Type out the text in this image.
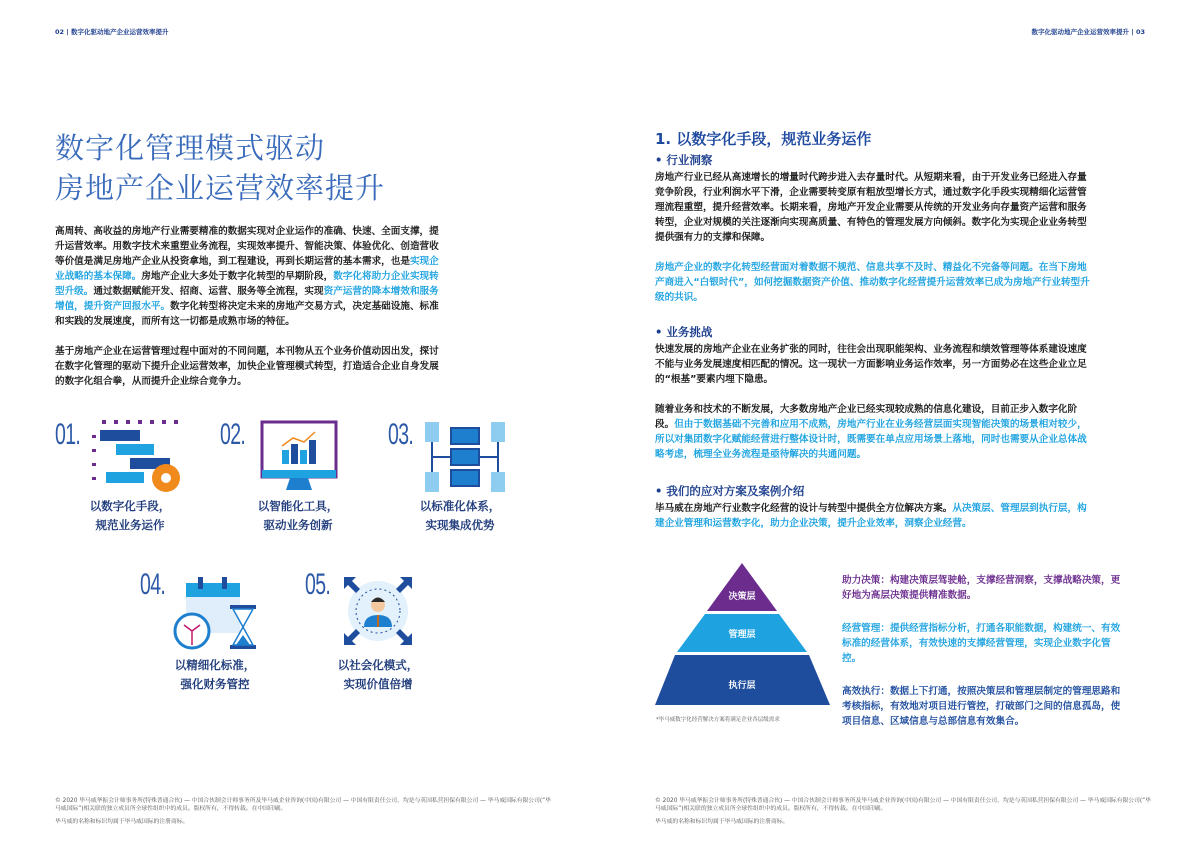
02 | 数字化驱动地产企业运营效率提升
数字化管理模式驱动
房地产企业运营效率提升
高周转、高收益的房地产行业需要精准的数据实现对企业运作的准确、快速、全面支撑，提升运营效率。用数字技术来重塑业务流程，实现效率提升、智能决策、体验优化、创造营收等价值是满足房地产企业从投资拿地，到工程建设，再到长期运营的基本需求，也是实现企业战略的基本保障。房地产企业大多处于数字化转型的早期阶段，数字化将助力企业实现转型升级。通过数据赋能开发、招商、运营、服务等全流程，实现资产运营的降本增效和服务增值，提升资产回报水平。数字化转型将决定未来的房地产交易方式，决定基础设施、标准和实践的发展速度，而所有这一切都是成熟市场的特征。
基于房地产企业在运营管理过程中面对的不同问题，本刊物从五个业务价值动因出发，探讨在数字化管理的驱动下提升企业运营效率，加快企业管理模式转型，打造适合企业自身发展的数字化组合拳，从而提升企业综合竞争力。
01.
以数字化手段，
规范业务运作
02.
以智能化工具，
驱动业务创新
03.
以标准化体系，
实现集成优势
04.
以精细化标准，
强化财务管控
05.
以社会化模式，
实现价值倍增
© 2020 毕马威华振会计师事务所(特殊普通合伙) — 中国合伙制会计师事务所及毕马威企业咨询(中国)有限公司 — 中国有限责任公司，均是与英国私营担保有限公司 — 毕马威国际有限公司(“毕马威国际”)相关联的独立成员所全球性组织中的成员。版权所有，不得转载。在中国印刷。
毕马威的名称和标识均属于毕马威国际的注册商标。
数字化驱动地产企业运营效率提升 | 03
1. 以数字化手段，规范业务运作
• 行业洞察
房地产行业已经从高速增长的增量时代跨步进入去存量时代。从短期来看，由于开发业务已经进入存量竞争阶段，行业利润水平下滑，企业需要转变原有粗放型增长方式，通过数字化手段实现精细化运营管理流程重塑，提升经营效率。长期来看，房地产开发企业需要从传统的开发业务向存量资产运营和服务转型，企业对规模的关注逐渐向实现高质量、有特色的管理发展方向倾斜。数字化为实现企业业务转型提供强有力的支撑和保障。
房地产企业的数字化转型经营面对着数据不规范、信息共享不及时、精益化不完备等问题。在当下房地产商进入“白银时代”，如何挖掘数据资产价值、推动数字化经营提升运营效率已成为房地产行业转型升级的共识。
• 业务挑战
快速发展的房地产企业在业务扩张的同时，往往会出现职能架构、业务流程和绩效管理等体系建设速度不能与业务发展速度相匹配的情况。这一现状一方面影响业务运作效率，另一方面势必在这些企业立足的“根基”要素内埋下隐患。
随着业务和技术的不断发展，大多数房地产企业已经实现较成熟的信息化建设，目前正步入数字化阶段。但由于数据基础不完善和应用不成熟，房地产行业在业务经营层面实现智能决策的场景相对较少，所以对集团数字化赋能经营进行整体设计时，既需要在单点应用场景上落地，同时也需要从企业总体战略考虑，梳理全业务流程是亟待解决的共通问题。
• 我们的应对方案及案例介绍
毕马威在房地产行业数字化经营的设计与转型中提供全方位解决方案。从决策层、管理层到执行层，构建企业管理和运营数字化，助力企业决策，提升企业效率，洞察企业经营。
决策层
管理层
执行层
*毕马威数字化经营解决方案将满足企业各层级需求
助力决策：构建决策层驾驶舱，支撑经营洞察，支撑战略决策，更好地为高层决策提供精准数据。
经营管理：提供经营指标分析，打通各职能数据，构建统一、有效标准的经营体系，有效快速的支撑经营管理，实现企业数字化管控。
高效执行：数据上下打通，按照决策层和管理层制定的管理思路和考核指标，有效地对项目进行管控，打破部门之间的信息孤岛，使项目信息、区域信息与总部信息有效集合。
© 2020 毕马威华振会计师事务所(特殊普通合伙) — 中国合伙制会计师事务所及毕马威企业咨询(中国)有限公司 — 中国有限责任公司，均是与英国私营担保有限公司 — 毕马威国际有限公司(“毕马威国际”)相关联的独立成员所全球性组织中的成员。版权所有，不得转载。在中国印刷。
毕马威的名称和标识均属于毕马威国际的注册商标。
